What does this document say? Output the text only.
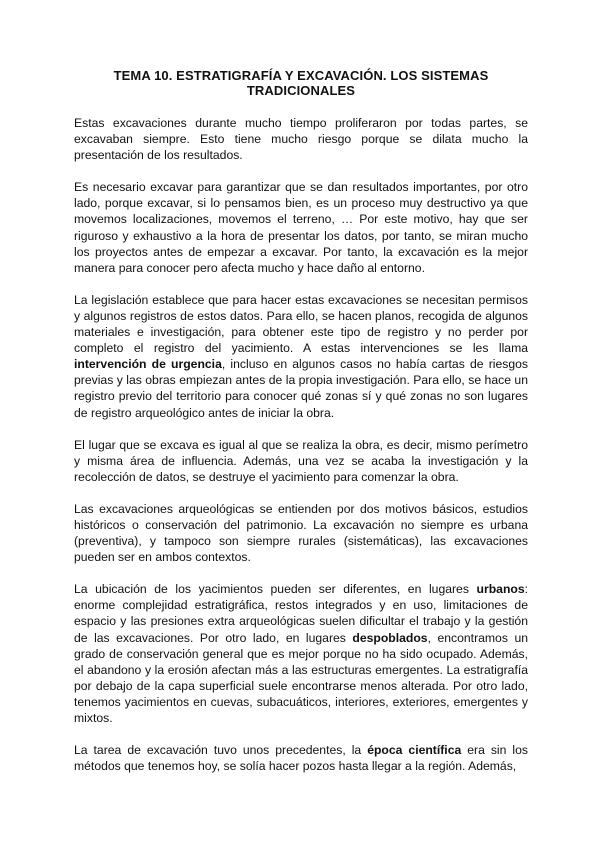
TEMA 10. ESTRATIGRAFÍA Y EXCAVACIÓN. LOS SISTEMAS TRADICIONALES

Estas excavaciones durante mucho tiempo proliferaron por todas partes, se excavaban siempre. Esto tiene mucho riesgo porque se dilata mucho la presentación de los resultados.

Es necesario excavar para garantizar que se dan resultados importantes, por otro lado, porque excavar, si lo pensamos bien, es un proceso muy destructivo ya que movemos localizaciones, movemos el terreno, … Por este motivo, hay que ser riguroso y exhaustivo a la hora de presentar los datos, por tanto, se miran mucho los proyectos antes de empezar a excavar. Por tanto, la excavación es la mejor manera para conocer pero afecta mucho y hace daño al entorno.

La legislación establece que para hacer estas excavaciones se necesitan permisos y algunos registros de estos datos. Para ello, se hacen planos, recogida de algunos materiales e investigación, para obtener este tipo de registro y no perder por completo el registro del yacimiento. A estas intervenciones se les llama intervención de urgencia, incluso en algunos casos no había cartas de riesgos previas y las obras empiezan antes de la propia investigación. Para ello, se hace un registro previo del territorio para conocer qué zonas sí y qué zonas no son lugares de registro arqueológico antes de iniciar la obra.

El lugar que se excava es igual al que se realiza la obra, es decir, mismo perímetro y misma área de influencia. Además, una vez se acaba la investigación y la recolección de datos, se destruye el yacimiento para comenzar la obra.

Las excavaciones arqueológicas se entienden por dos motivos básicos, estudios históricos o conservación del patrimonio. La excavación no siempre es urbana (preventiva), y tampoco son siempre rurales (sistemáticas), las excavaciones pueden ser en ambos contextos.

La ubicación de los yacimientos pueden ser diferentes, en lugares urbanos: enorme complejidad estratigráfica, restos integrados y en uso, limitaciones de espacio y las presiones extra arqueológicas suelen dificultar el trabajo y la gestión de las excavaciones. Por otro lado, en lugares despoblados, encontramos un grado de conservación general que es mejor porque no ha sido ocupado. Además, el abandono y la erosión afectan más a las estructuras emergentes. La estratigrafía por debajo de la capa superficial suele encontrarse menos alterada. Por otro lado, tenemos yacimientos en cuevas, subacuáticos, interiores, exteriores, emergentes y mixtos.

La tarea de excavación tuvo unos precedentes, la época científica era sin los métodos que tenemos hoy, se solía hacer pozos hasta llegar a la región. Además,
